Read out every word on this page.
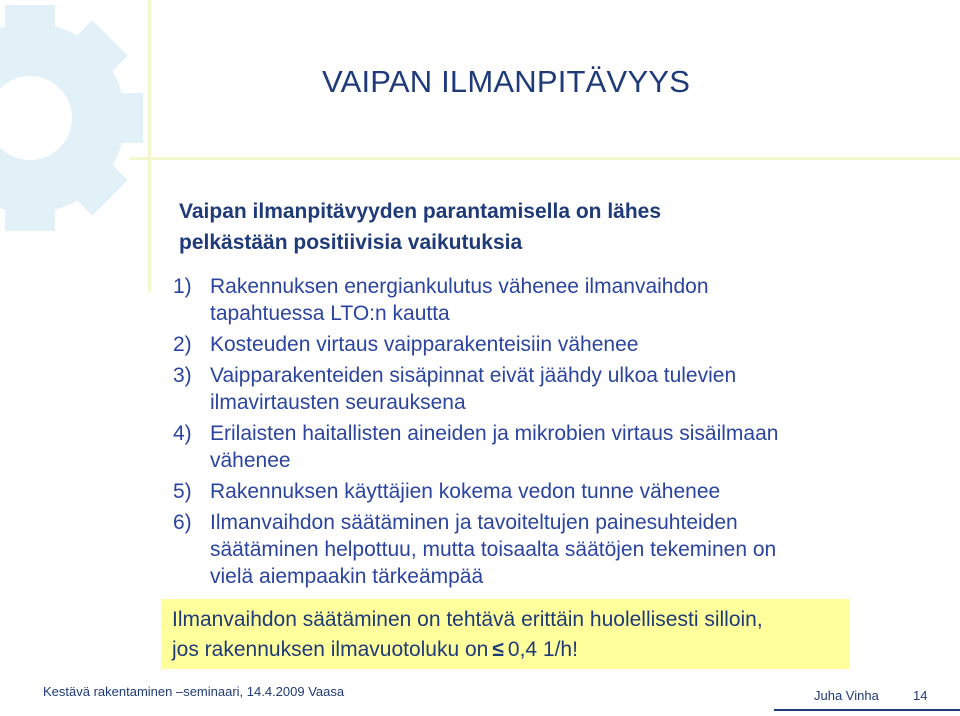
VAIPAN ILMANPITÄVYYS

Vaipan ilmanpitävyyden parantamisella on lähes
pelkästään positiivisia vaikutuksia

1) Rakennuksen energiankulutus vähenee ilmanvaihdon
tapahtuessa LTO:n kautta
2) Kosteuden virtaus vaipparakenteisiin vähenee
3) Vaipparakenteiden sisäpinnat eivät jäähdy ulkoa tulevien
ilmavirtausten seurauksena
4) Erilaisten haitallisten aineiden ja mikrobien virtaus sisäilmaan
vähenee
5) Rakennuksen käyttäjien kokema vedon tunne vähenee
6) Ilmanvaihdon säätäminen ja tavoiteltujen painesuhteiden
säätäminen helpottuu, mutta toisaalta säätöjen tekeminen on
vielä aiempaakin tärkeämpää
Ilmanvaihdon säätäminen on tehtävä erittäin huolellisesti silloin,
jos rakennuksen ilmavuotoluku on ≤ 0,4 1/h!
Kestävä rakentaminen –seminaari, 14.4.2009 Vaasa	Juha Vinha	14
